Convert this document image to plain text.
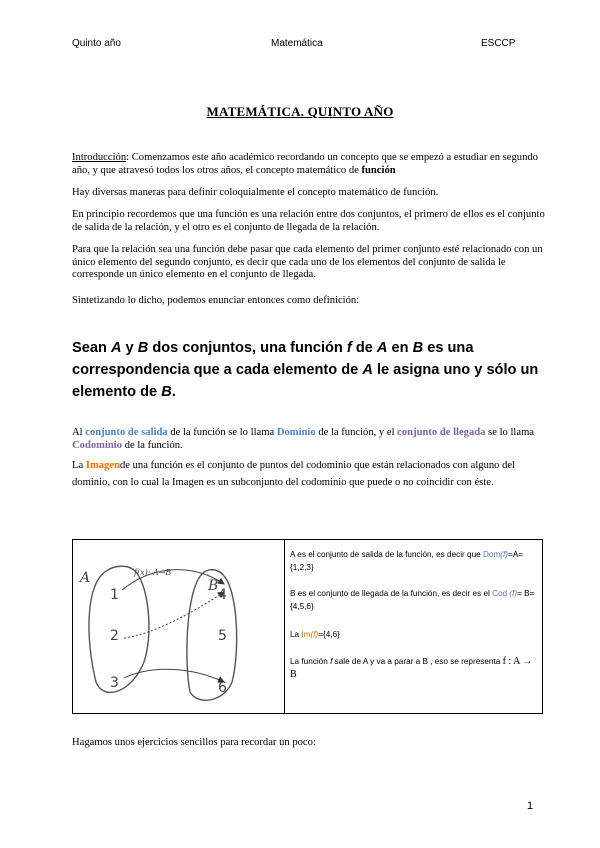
Quinto año	Matemática	ESCCP
MATEMÁTICA. QUINTO AÑO

Introducción: Comenzamos este año académico recordando un concepto que se empezó a estudiar en segundo año, y que atravesó todos los otros años, el concepto matemático de función

Hay diversas maneras para definir coloquialmente el concepto matemático de función.

En principio recordemos que una función es una relación entre dos conjuntos, el primero de ellos es el conjunto de salida de la relación, y el otro es el conjunto de llegada de la relación.

Para que la relación sea una función debe pasar que cada elemento del primer conjunto esté relacionado con un único elemento del segundo conjunto, es decir que cada uno de los elementos del conjunto de salida le corresponde un único elemento en el conjunto de llegada.

Sintetizando lo dicho, podemos enunciar entonces como definición:

Sean A y B dos conjuntos, una función f de A en B es una correspondencia que a cada elemento de A le asigna uno y sólo un elemento de B.

Al conjunto de salida de la función se lo llama Dominio de la función, y el conjunto de llegada se lo llama Codominio de la función.

La Imagende una función es el conjunto de puntos del codominio que están relacionados con alguno del dominio, con lo cual la Imagen es un subconjunto del codominio que puede o no coincidir con éste.

A	B
f(x): A→B
1
2
3
4
5
6
A es el conjunto de salida de la función, es decir que Dom(f)=A={1,2,3}
B es el conjunto de llegada de la función, es decir es el Cod (f)= B={4,5,6}
La Im(f)={4,6}
La función f sale de A y va a parar a B , eso se representa f : A → B

Hagamos unos ejercicios sencillos para recordar un poco:

1
